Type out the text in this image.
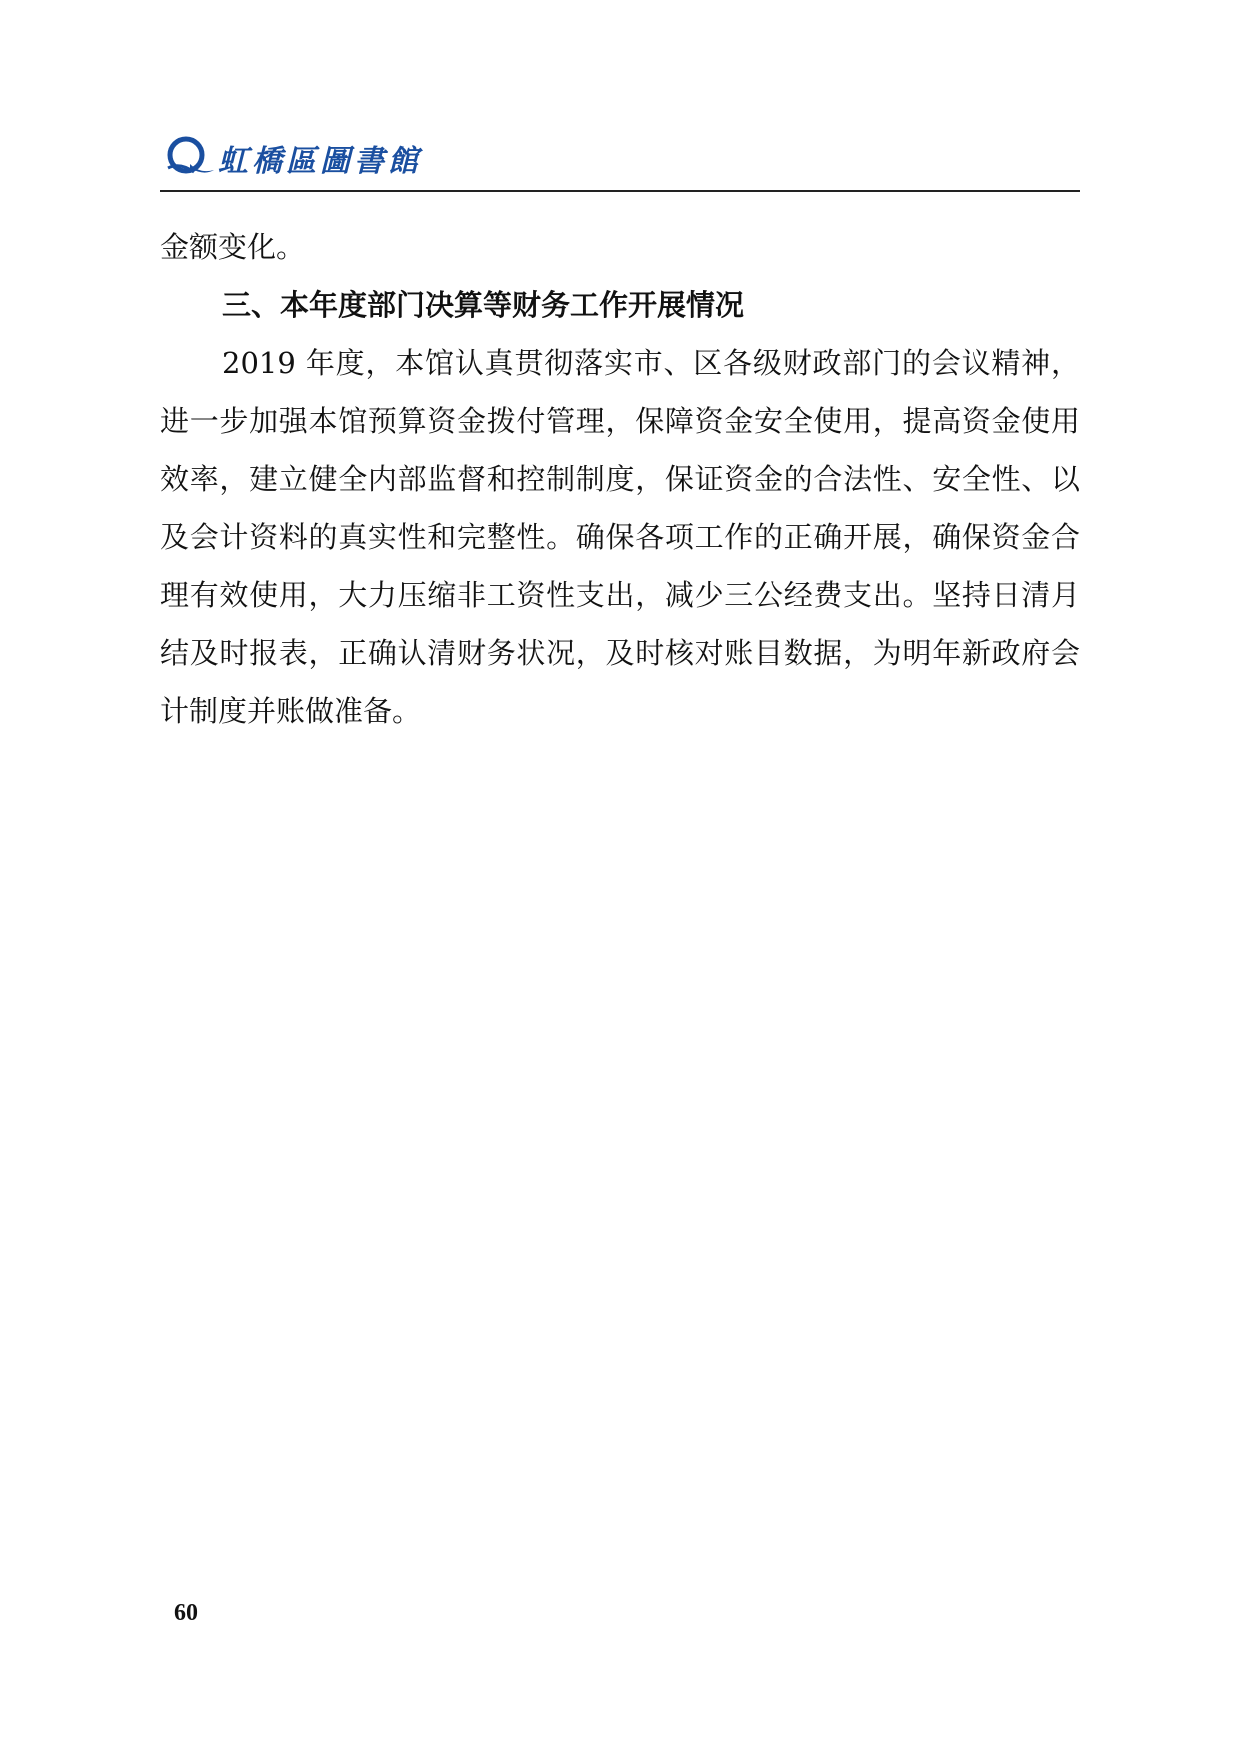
虹橋區圖書館

金额变化。

三、本年度部门决算等财务工作开展情况

2019 年度，本馆认真贯彻落实市、区各级财政部门的会议精神，进一步加强本馆预算资金拨付管理，保障资金安全使用，提高资金使用效率，建立健全内部监督和控制制度，保证资金的合法性、安全性、以及会计资料的真实性和完整性。确保各项工作的正确开展，确保资金合理有效使用，大力压缩非工资性支出，减少三公经费支出。坚持日清月结及时报表，正确认清财务状况，及时核对账目数据，为明年新政府会计制度并账做准备。

60
